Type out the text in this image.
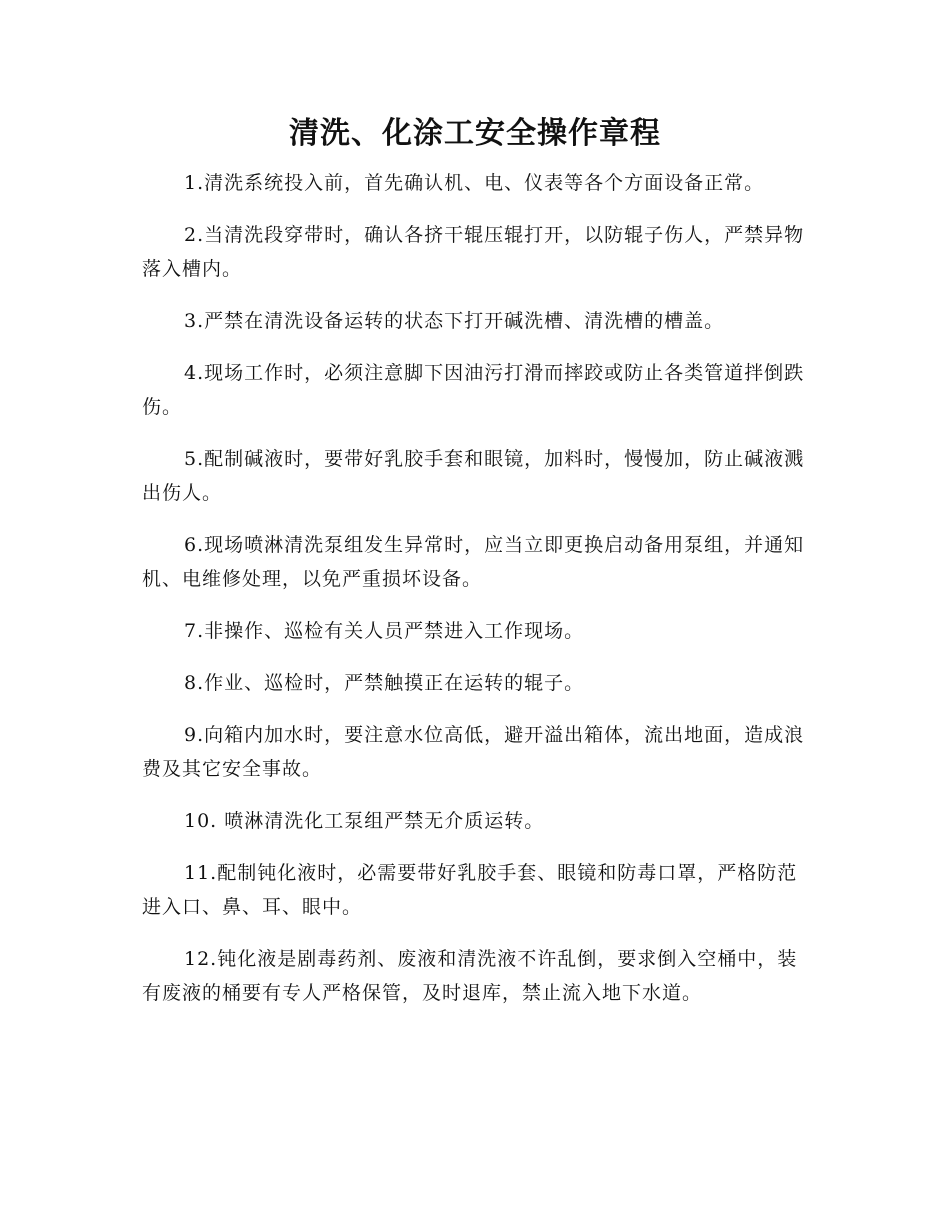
清洗、化涂工安全操作章程
1.清洗系统投入前，首先确认机、电、仪表等各个方面设备正常。
2.当清洗段穿带时，确认各挤干辊压辊打开，以防辊子伤人，严禁异物落入槽内。
3.严禁在清洗设备运转的状态下打开碱洗槽、清洗槽的槽盖。
4.现场工作时，必须注意脚下因油污打滑而摔跤或防止各类管道拌倒跌伤。
5.配制碱液时，要带好乳胶手套和眼镜，加料时，慢慢加，防止碱液溅出伤人。
6.现场喷淋清洗泵组发生异常时，应当立即更换启动备用泵组，并通知机、电维修处理，以免严重损坏设备。
7.非操作、巡检有关人员严禁进入工作现场。
8.作业、巡检时，严禁触摸正在运转的辊子。
9.向箱内加水时，要注意水位高低，避开溢出箱体，流出地面，造成浪费及其它安全事故。
10. 喷淋清洗化工泵组严禁无介质运转。
11.配制钝化液时，必需要带好乳胶手套、眼镜和防毒口罩，严格防范进入口、鼻、耳、眼中。
12.钝化液是剧毒药剂、废液和清洗液不许乱倒，要求倒入空桶中，装有废液的桶要有专人严格保管，及时退库，禁止流入地下水道。
